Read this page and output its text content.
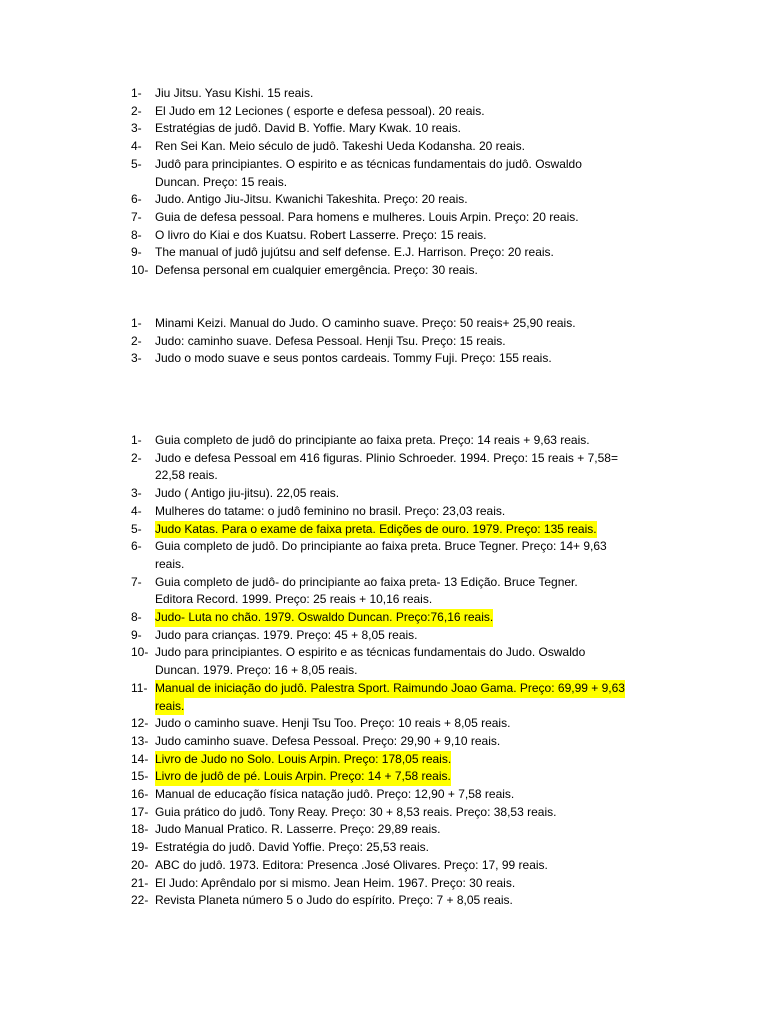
1-	Jiu Jitsu. Yasu Kishi. 15 reais.
2-	El Judo em 12 Leciones ( esporte e defesa pessoal). 20 reais.
3-	Estratégias de judô. David B. Yoffie. Mary Kwak. 10 reais.
4-	Ren Sei Kan. Meio século de judô. Takeshi Ueda Kodansha. 20 reais.
5-	Judô para principiantes. O espirito e as técnicas fundamentais do judô. Oswaldo
Duncan. Preço: 15 reais.
6-	Judo. Antigo Jiu-Jitsu. Kwanichi Takeshita. Preço: 20 reais.
7-	Guia de defesa pessoal. Para homens e mulheres. Louis Arpin. Preço: 20 reais.
8-	O livro do Kiai e dos Kuatsu. Robert Lasserre. Preço: 15 reais.
9-	The manual of judô jujútsu and self defense. E.J. Harrison. Preço: 20 reais.
10- Defensa personal em cualquier emergência. Preço: 30 reais.
1-	Minami Keizi. Manual do Judo. O caminho suave. Preço: 50 reais+ 25,90 reais.
2-	Judo: caminho suave. Defesa Pessoal. Henji Tsu. Preço: 15 reais.
3-	Judo o modo suave e seus pontos cardeais. Tommy Fuji. Preço: 155 reais.
1-	Guia completo de judô do principiante ao faixa preta. Preço: 14 reais + 9,63 reais.
2-	Judo e defesa Pessoal em 416 figuras. Plinio Schroeder. 1994. Preço: 15 reais + 7,58=
22,58 reais.
3-	Judo ( Antigo jiu-jitsu). 22,05 reais.
4-	Mulheres do tatame: o judô feminino no brasil. Preço: 23,03 reais.
5-	Judo Katas. Para o exame de faixa preta. Edições de ouro. 1979. Preço: 135 reais.
6-	Guia completo de judô. Do principiante ao faixa preta. Bruce Tegner. Preço: 14+ 9,63
reais.
7-	Guia completo de judô- do principiante ao faixa preta- 13 Edição. Bruce Tegner.
Editora Record. 1999. Preço: 25 reais + 10,16 reais.
8-	Judo- Luta no chão. 1979. Oswaldo Duncan. Preço:76,16 reais.
9-	Judo para crianças. 1979. Preço: 45 + 8,05 reais.
10- Judo para principiantes. O espirito e as técnicas fundamentais do Judo. Oswaldo
Duncan. 1979. Preço: 16 + 8,05 reais.
11- Manual de iniciação do judô. Palestra Sport. Raimundo Joao Gama. Preço: 69,99 + 9,63
reais.
12- Judo o caminho suave. Henji Tsu Too. Preço: 10 reais + 8,05 reais.
13- Judo caminho suave. Defesa Pessoal. Preço: 29,90 + 9,10 reais.
14- Livro de Judo no Solo. Louis Arpin. Preço: 178,05 reais.
15- Livro de judô de pé. Louis Arpin. Preço: 14 + 7,58 reais.
16- Manual de educação física natação judô. Preço: 12,90 + 7,58 reais.
17- Guia prático do judô. Tony Reay. Preço: 30 + 8,53 reais. Preço: 38,53 reais.
18- Judo Manual Pratico. R. Lasserre. Preço: 29,89 reais.
19- Estratégia do judô. David Yoffie. Preço: 25,53 reais.
20- ABC do judô. 1973. Editora: Presenca .José Olivares. Preço: 17, 99 reais.
21- El Judo: Aprêndalo por si mismo. Jean Heim. 1967. Preço: 30 reais.
22- Revista Planeta número 5 o Judo do espírito. Preço: 7 + 8,05 reais.
